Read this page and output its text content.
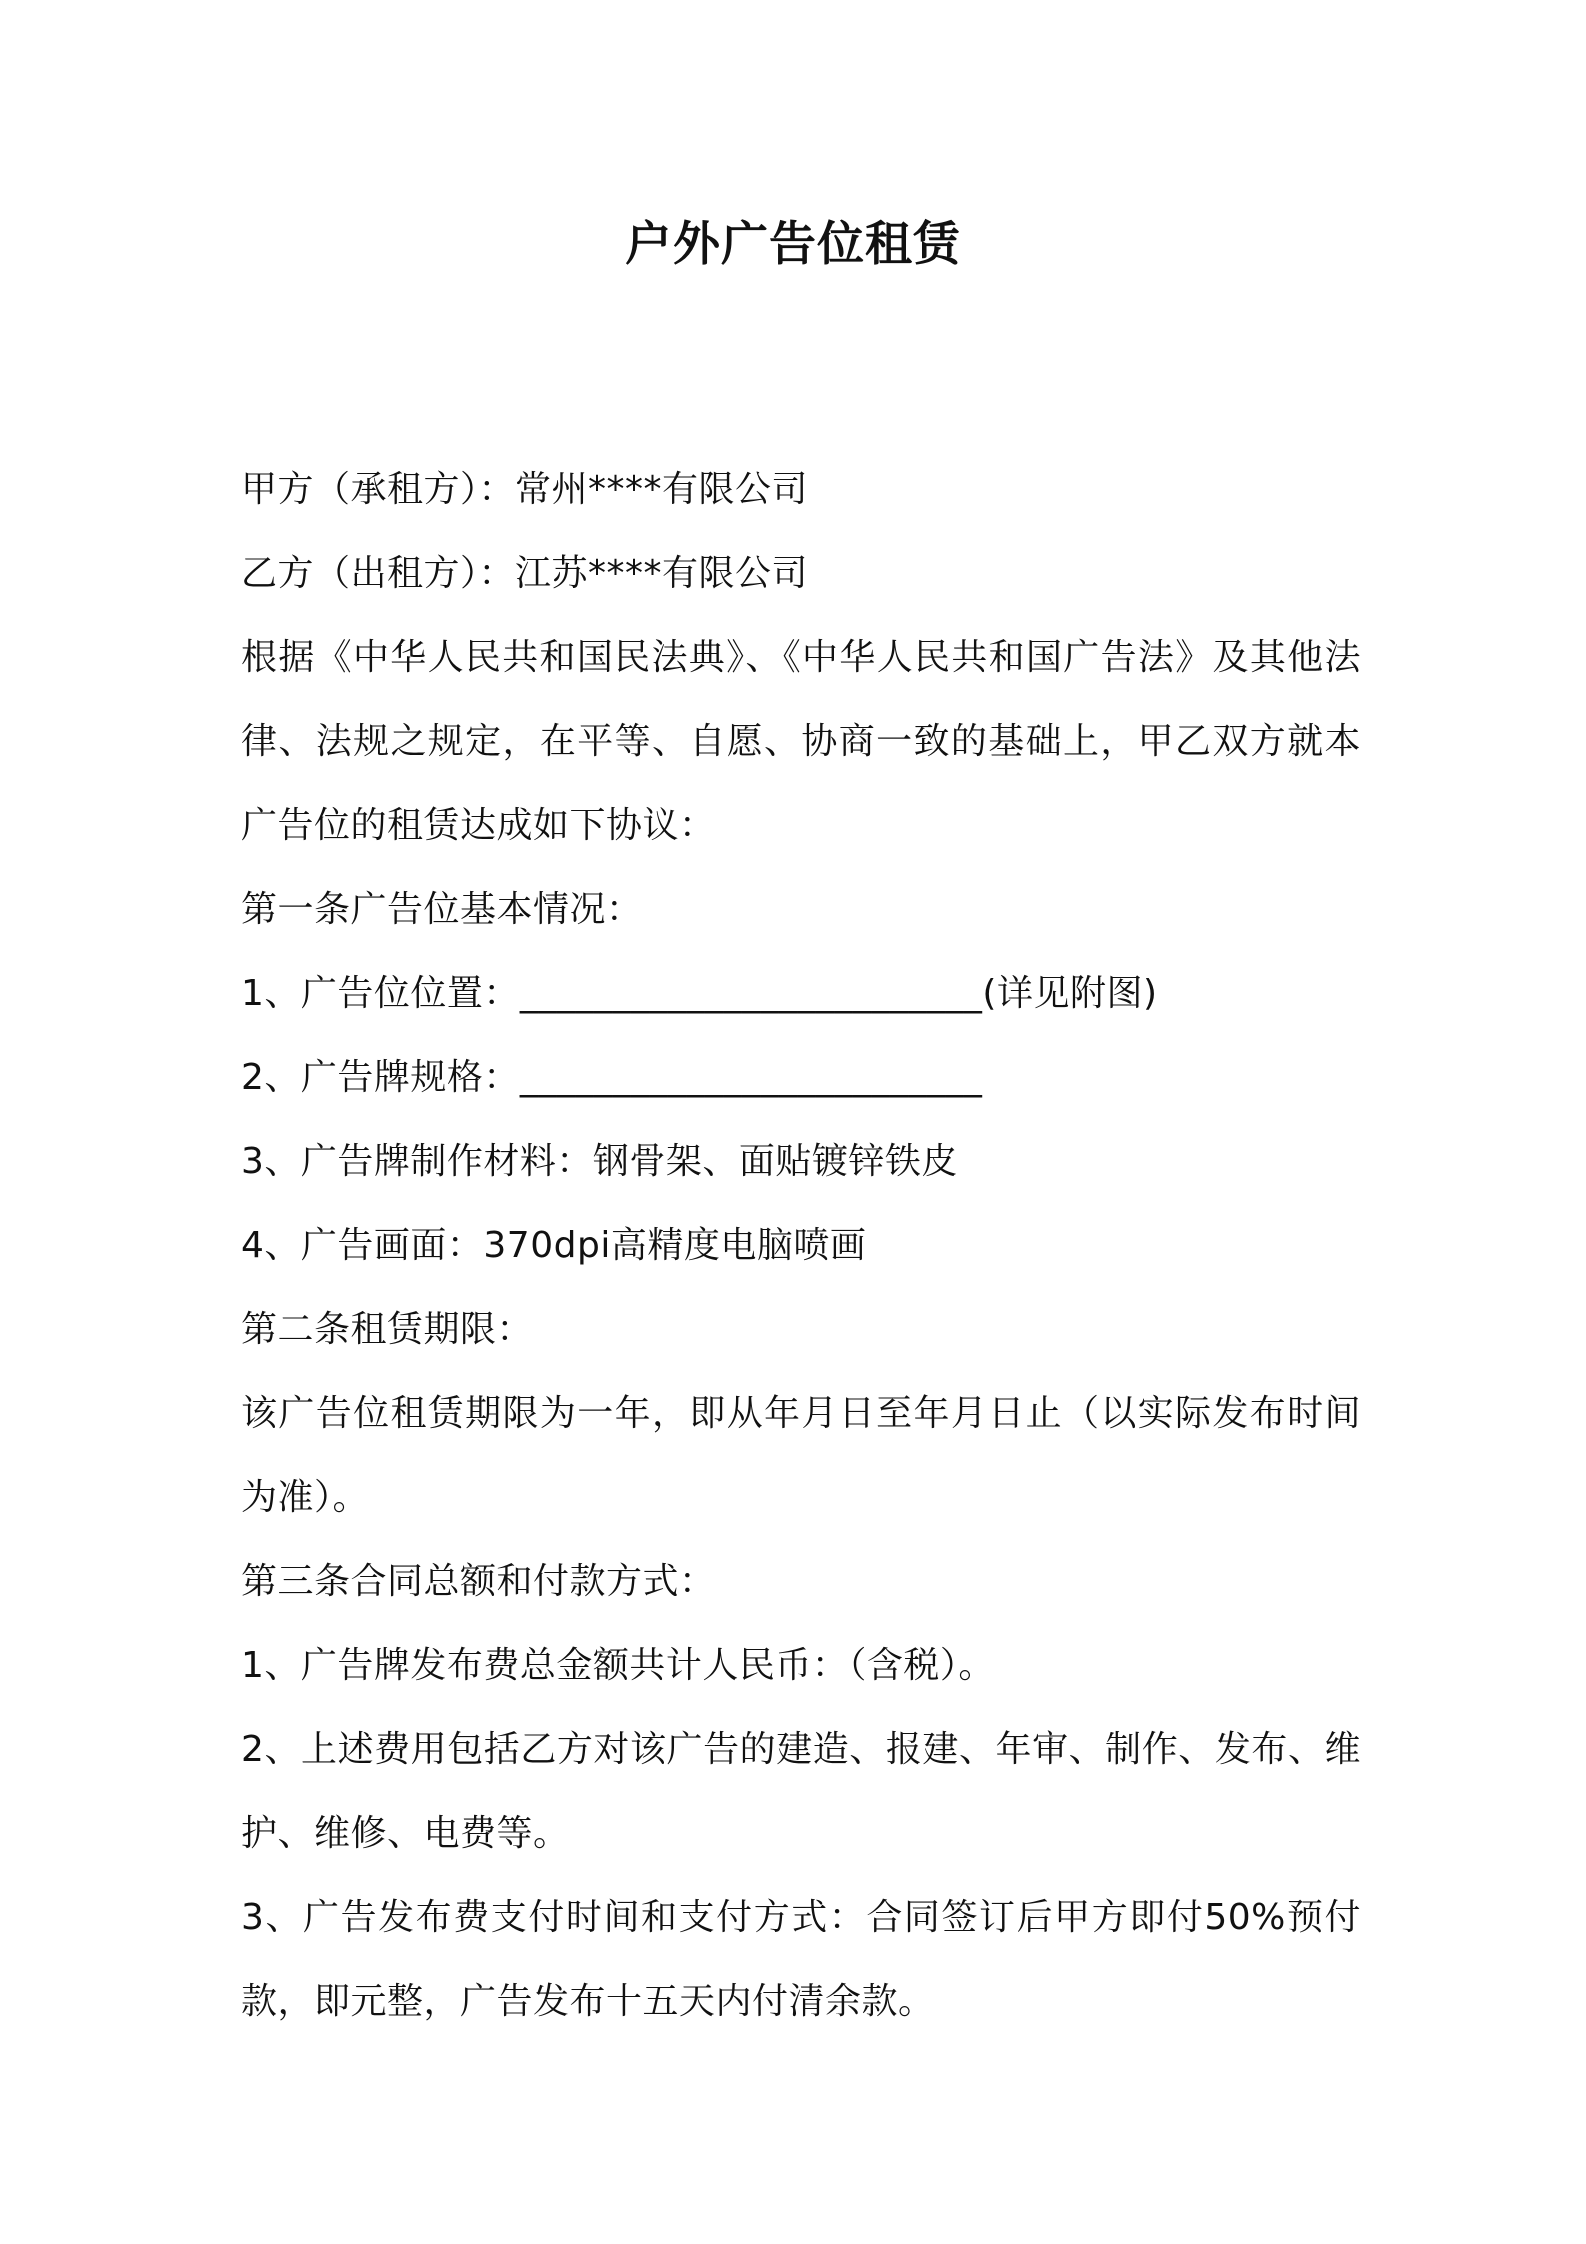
户外广告位租赁

甲方（承租方）：常州****有限公司

乙方（出租方）：江苏****有限公司

根据《中华人民共和国民法典》、《中华人民共和国广告法》及其他法律、法规之规定，在平等、自愿、协商一致的基础上，甲乙双方就本广告位的租赁达成如下协议：

第一条广告位基本情况：

1、广告位位置：_________________________(详见附图)

2、广告牌规格：_________________________

3、广告牌制作材料：钢骨架、面贴镀锌铁皮

4、广告画面：370dpi高精度电脑喷画

第二条租赁期限：

该广告位租赁期限为一年，即从年月日至年月日止（以实际发布时间为准）。

第三条合同总额和付款方式：

1、广告牌发布费总金额共计人民币：（含税）。

2、上述费用包括乙方对该广告的建造、报建、年审、制作、发布、维护、维修、电费等。

3、广告发布费支付时间和支付方式：合同签订后甲方即付50%预付款，即元整，广告发布十五天内付清余款。
